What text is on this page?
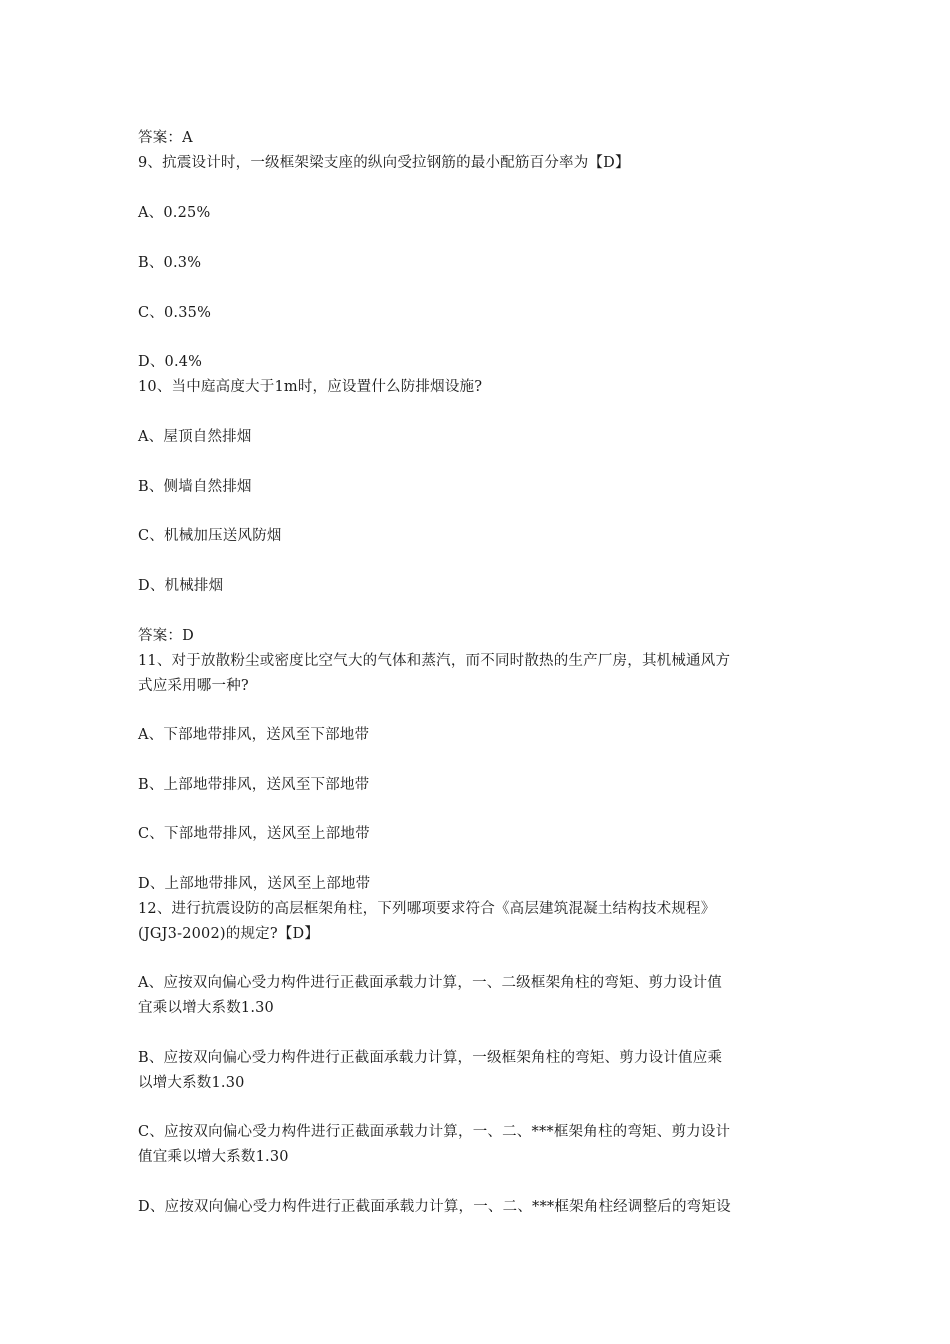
答案：A
9、抗震设计时，一级框架梁支座的纵向受拉钢筋的最小配筋百分率为【D】
A、0.25%
B、0.3%
C、0.35%
D、0.4%
10、当中庭高度大于1m时，应设置什么防排烟设施?
A、屋顶自然排烟
B、侧墙自然排烟
C、机械加压送风防烟
D、机械排烟
答案：D
11、对于放散粉尘或密度比空气大的气体和蒸汽，而不同时散热的生产厂房，其机械通风方
式应采用哪一种?
A、下部地带排风，送风至下部地带
B、上部地带排风，送风至下部地带
C、下部地带排风，送风至上部地带
D、上部地带排风，送风至上部地带
12、进行抗震设防的高层框架角柱，下列哪项要求符合《高层建筑混凝土结构技术规程》
(JGJ3-2002)的规定?【D】
A、应按双向偏心受力构件进行正截面承载力计算，一、二级框架角柱的弯矩、剪力设计值
宜乘以增大系数1.30
B、应按双向偏心受力构件进行正截面承载力计算，一级框架角柱的弯矩、剪力设计值应乘
以增大系数1.30
C、应按双向偏心受力构件进行正截面承载力计算，一、二、***框架角柱的弯矩、剪力设计
值宜乘以增大系数1.30
D、应按双向偏心受力构件进行正截面承载力计算，一、二、***框架角柱经调整后的弯矩设
